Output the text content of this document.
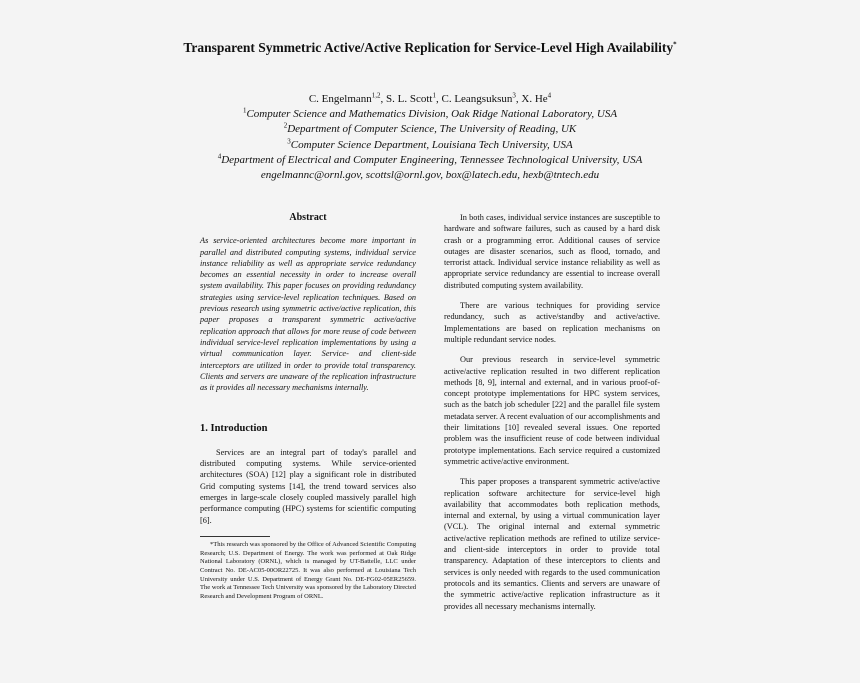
Transparent Symmetric Active/Active Replication for Service-Level High Availability*
C. Engelmann$^{1,2}$, S. L. Scott$^1$, C. Leangsuksun$^3$, X. He$^4$
$^1$Computer Science and Mathematics Division, Oak Ridge National Laboratory, USA
$^2$Department of Computer Science, The University of Reading, UK
$^3$Computer Science Department, Louisiana Tech University, USA
$^4$Department of Electrical and Computer Engineering, Tennessee Technological University, USA
engelmannc@ornl.gov, scottsl@ornl.gov, box@latech.edu, hexb@tntech.edu
Abstract
As service-oriented architectures become more important in parallel and distributed computing systems, individual service instance reliability as well as appropriate service redundancy becomes an essential necessity in order to increase overall system availability. This paper focuses on providing redundancy strategies using service-level replication techniques. Based on previous research using symmetric active/active replication, this paper proposes a transparent symmetric active/active replication approach that allows for more reuse of code between individual service-level replication implementations by using a virtual communication layer. Service- and client-side interceptors are utilized in order to provide total transparency. Clients and servers are unaware of the replication infrastructure as it provides all necessary mechanisms internally.
1. Introduction

Services are an integral part of today's parallel and distributed computing systems. While service-oriented architectures (SOA) [12] play a significant role in distributed Grid computing systems [14], the trend toward services also emerges in large-scale closely coupled massively parallel high performance computing (HPC) systems for scientific computing [6].

*This research was sponsored by the Office of Advanced Scientific Computing Research; U.S. Department of Energy. The work was performed at Oak Ridge National Laboratory (ORNL), which is managed by UT-Battelle, LLC under Contract No. DE-AC05-00OR22725. It was also performed at Louisiana Tech University under U.S. Department of Energy Grant No. DE-FG02-05ER25659. The work at Tennessee Tech University was sponsored by the Laboratory Directed Research and Development Program of ORNL.

In both cases, individual service instances are susceptible to hardware and software failures, such as caused by a hard disk crash or a programming error. Additional causes of service outages are disaster scenarios, such as flood, tornado, and terrorist attack. Individual service instance reliability as well as appropriate service redundancy are essential to increase overall distributed computing system availability.

There are various techniques for providing service redundancy, such as active/standby and active/active. Implementations are based on replication mechanisms on multiple redundant service nodes.

Our previous research in service-level symmetric active/active replication resulted in two different replication methods [8, 9], internal and external, and in various proof-of-concept prototype implementations for HPC system services, such as the batch job scheduler [22] and the parallel file system metadata server. A recent evaluation of our accomplishments and their limitations [10] revealed several issues. One reported problem was the insufficient reuse of code between individual prototype implementations. Each service required a customized symmetric active/active environment.

This paper proposes a transparent symmetric active/active replication software architecture for service-level high availability that accommodates both replication methods, internal and external, by using a virtual communication layer (VCL). The original internal and external symmetric active/active replication methods are refined to utilize service- and client-side interceptors in order to provide total transparency. Adaptation of these interceptors to clients and services is only needed with regards to the used communication protocols and its semantics. Clients and servers are unaware of the symmetric active/active replication infrastructure as it provides all necessary mechanisms internally.
